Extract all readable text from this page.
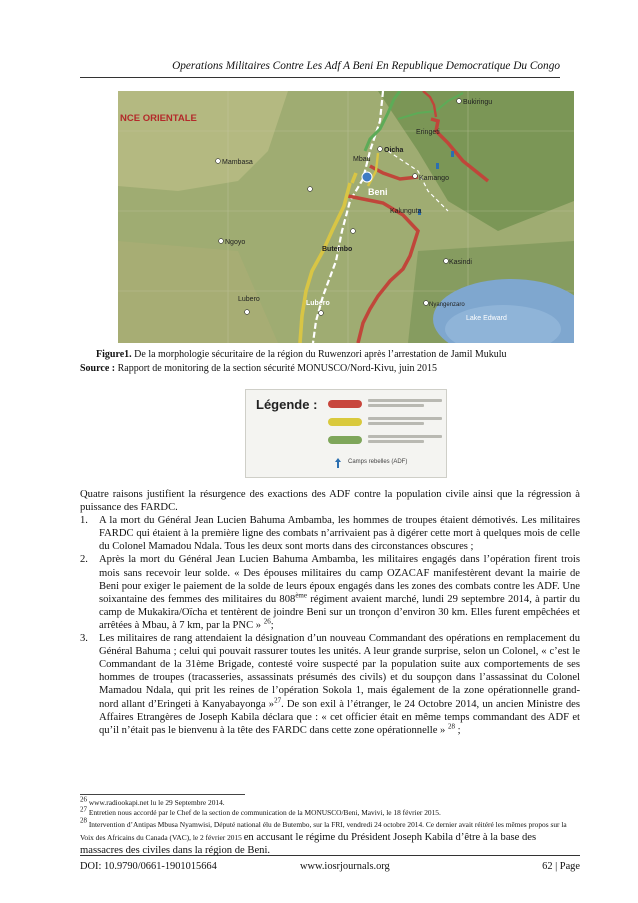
Operations Militaires Contre Les Adf A Beni En Republique Democratique Du Congo
NCE ORIENTALE
Mambasa
Bukiringu
Oicha
Kamango
Beni
Mbau
Eringeti
Ngoyo
Kalunguta
Butembo
Kasindi
Lubero
Lubero	Nyangenzaro
Lake Edward
Figure1. De la morphologie sécuritaire de la région du Ruwenzori après l’arrestation de Jamil Mukulu
Source : Rapport de monitoring de la section sécurité MONUSCO/Nord-Kivu, juin 2015
Légende :
Camps rebelles (ADF)

Quatre raisons justifient la résurgence des exactions des ADF contre la population civile ainsi que la régression à puissance des FARDC.

1. A la mort du Général Jean Lucien Bahuma Ambamba, les hommes de troupes étaient démotivés. Les militaires FARDC qui étaient à la première ligne des combats n’arrivaient pas à digérer cette mort à quelques mois de celle du Colonel Mamadou Ndala. Tous les deux sont morts dans des circonstances obscures ;
2. Après la mort du Général Jean Lucien Bahuma Ambamba, les militaires engagés dans l’opération firent trois mois sans recevoir leur solde. « Des épouses militaires du camp OZACAF manifestèrent devant la mairie de Beni pour exiger le paiement de la solde de leurs époux engagés dans les zones des combats contre les ADF. Une soixantaine des femmes des militaires du 808ème régiment avaient marché, lundi 29 septembre 2014, à partir du camp de Mukakira/Oïcha et tentèrent de joindre Beni sur un tronçon d’environ 30 km. Elles furent empêchées et arrêtées à Mbau, à 7 km, par la PNC » $^{26}$;
3. Les militaires de rang attendaient la désignation d’un nouveau Commandant des opérations en remplacement du Général Bahuma ; celui qui pouvait rassurer toutes les unités. A leur grande surprise, selon un Colonel, « c’est le Commandant de la 31ème Brigade, contesté voire suspecté par la population suite aux comportements de ses hommes de troupes (tracasseries, assassinats présumés des civils) et du soupçon dans l’assassinat du Colonel Mamadou Ndala, qui prit les reines de l’opération Sokola 1, mais également de la zone opérationnelle grand-nord allant d’Eringeti à Kanyabayonga »$^{27}$. De son exil à l’étranger, le 24 Octobre 2014, un ancien Ministre des Affaires Etrangères de Joseph Kabila déclara que : « cet officier était en même temps commandant des ADF et qu’il n’était pas le bienvenu à la tête des FARDC dans cette zone opérationnelle » $^{28}$ ;

$^{26}$ www.radiookapi.net lu le 29 Septembre 2014.

$^{27}$ Entretien nous accordé par le Chef de la section de communication de la MONUSCO/Beni, Mavivi, le 18 février 2015.

$^{28}$ Intervention d’Antipas Mbusa Nyamwisi, Député national élu de Butembo, sur la FRI, vendredi 24 octobre 2014. Ce dernier avait réitéré les mêmes propos sur la Voix des Africains du Canada (VAC), le 2 février 2015 en accusant le régime du Président Joseph Kabila d’être à la base des massacres des civiles dans la région de Beni.

DOI: 10.9790/0661-1901015664	www.iosrjournals.org	62 | Page
